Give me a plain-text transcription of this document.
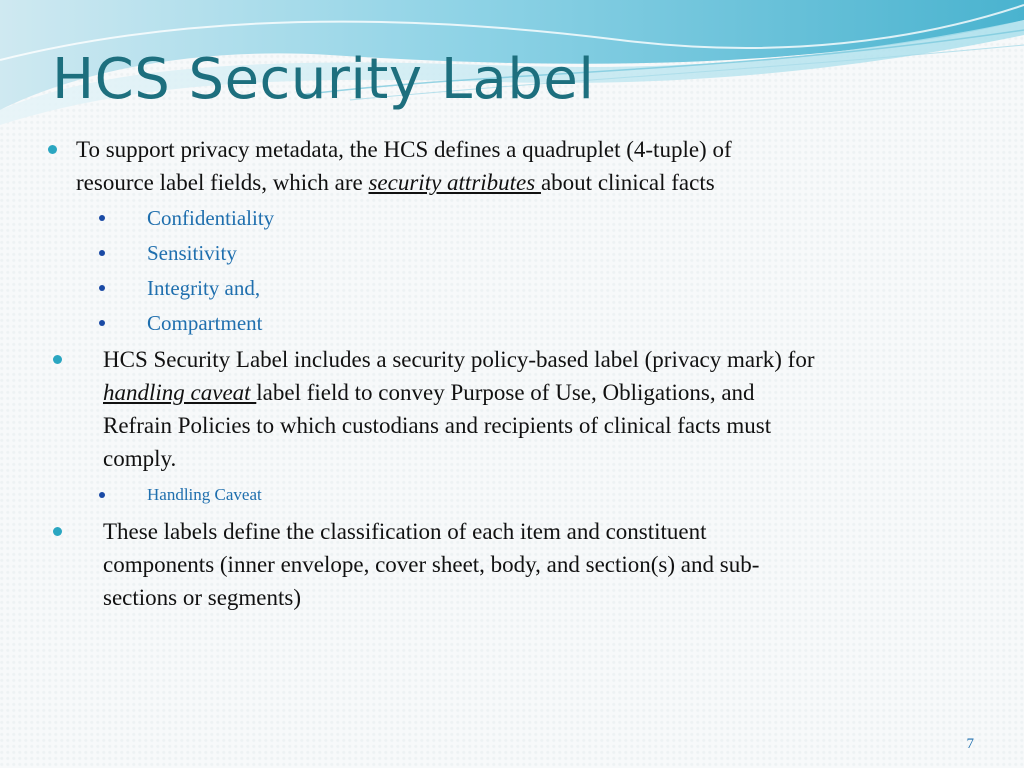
HCS Security Label
To support privacy metadata, the HCS defines a quadruplet (4-tuple) of
resource label fields, which are security attributes about clinical facts
Confidentiality
Sensitivity
Integrity and,
Compartment
HCS Security Label includes a security policy-based label (privacy mark) for
handling caveat label field to convey Purpose of Use, Obligations, and
Refrain Policies to which custodians and recipients of clinical facts must
comply.
Handling Caveat
These labels define the classification of each item and constituent
components (inner envelope, cover sheet, body, and section(s) and sub-
sections or segments)
7
